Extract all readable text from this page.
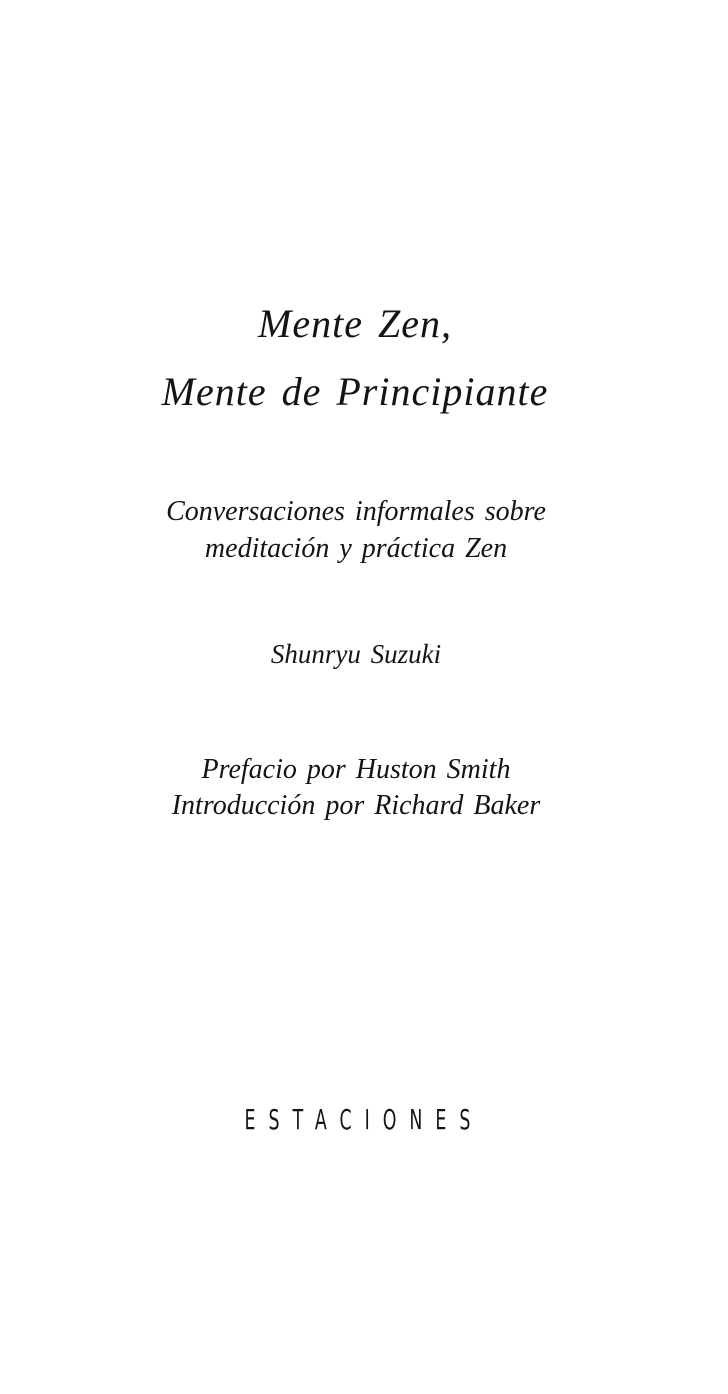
Mente Zen,
Mente de Principiante

Conversaciones informales sobre

meditación y práctica Zen

Shunryu Suzuki

Prefacio por Huston Smith

Introducción por Richard Baker

ESTACIONES
